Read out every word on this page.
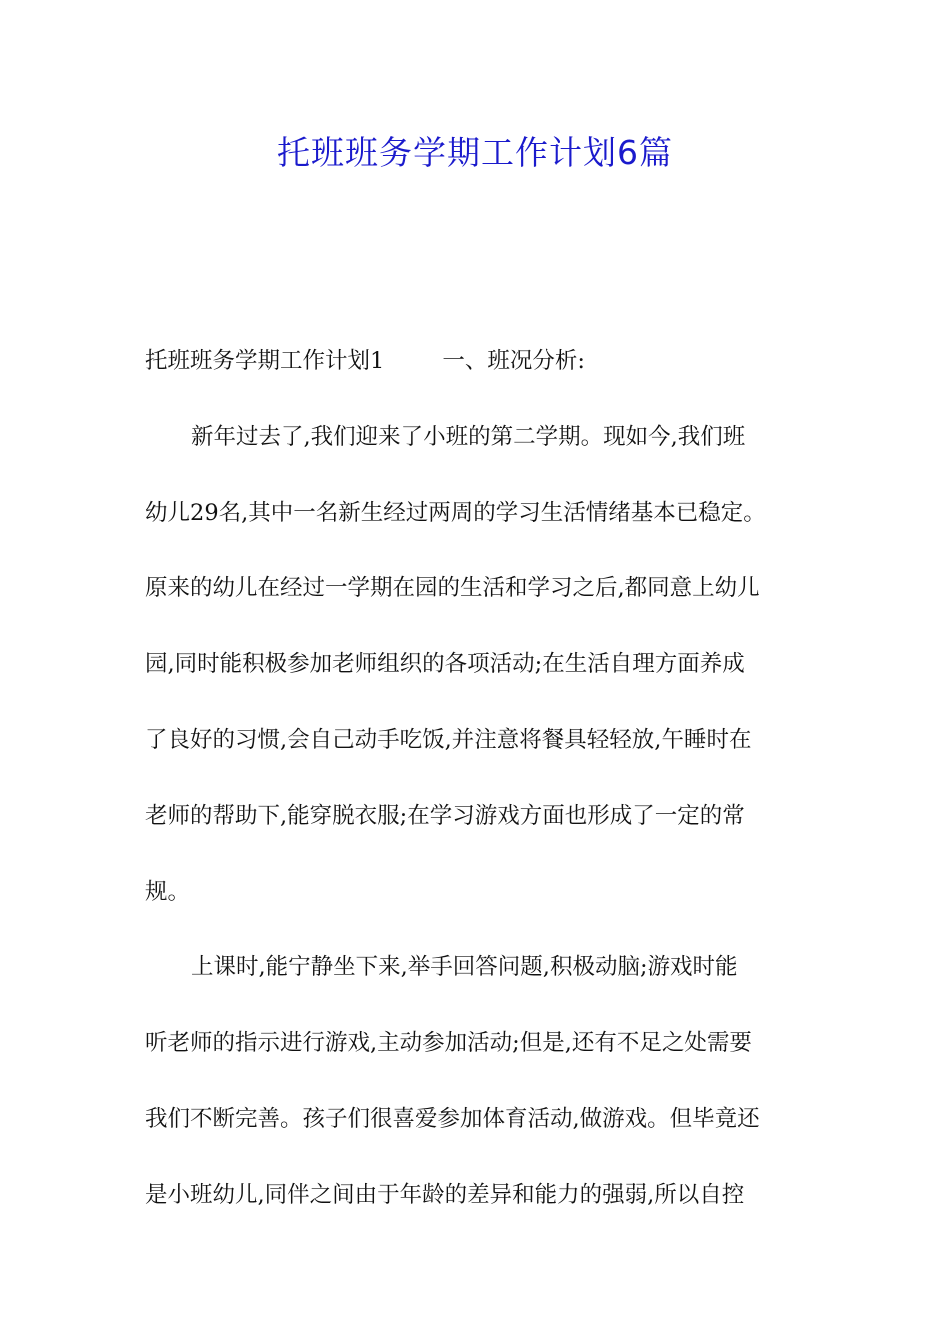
托班班务学期工作计划6篇
托班班务学期工作计划1	一、班况分析:
新年过去了,我们迎来了小班的第二学期。现如今,我们班
幼儿29名,其中一名新生经过两周的学习生活情绪基本已稳定。
原来的幼儿在经过一学期在园的生活和学习之后,都同意上幼儿
园,同时能积极参加老师组织的各项活动;在生活自理方面养成
了良好的习惯,会自己动手吃饭,并注意将餐具轻轻放,午睡时在
老师的帮助下,能穿脱衣服;在学习游戏方面也形成了一定的常
规。
上课时,能宁静坐下来,举手回答问题,积极动脑;游戏时能
听老师的指示进行游戏,主动参加活动;但是,还有不足之处需要
我们不断完善。孩子们很喜爱参加体育活动,做游戏。但毕竟还
是小班幼儿,同伴之间由于年龄的差异和能力的强弱,所以自控
